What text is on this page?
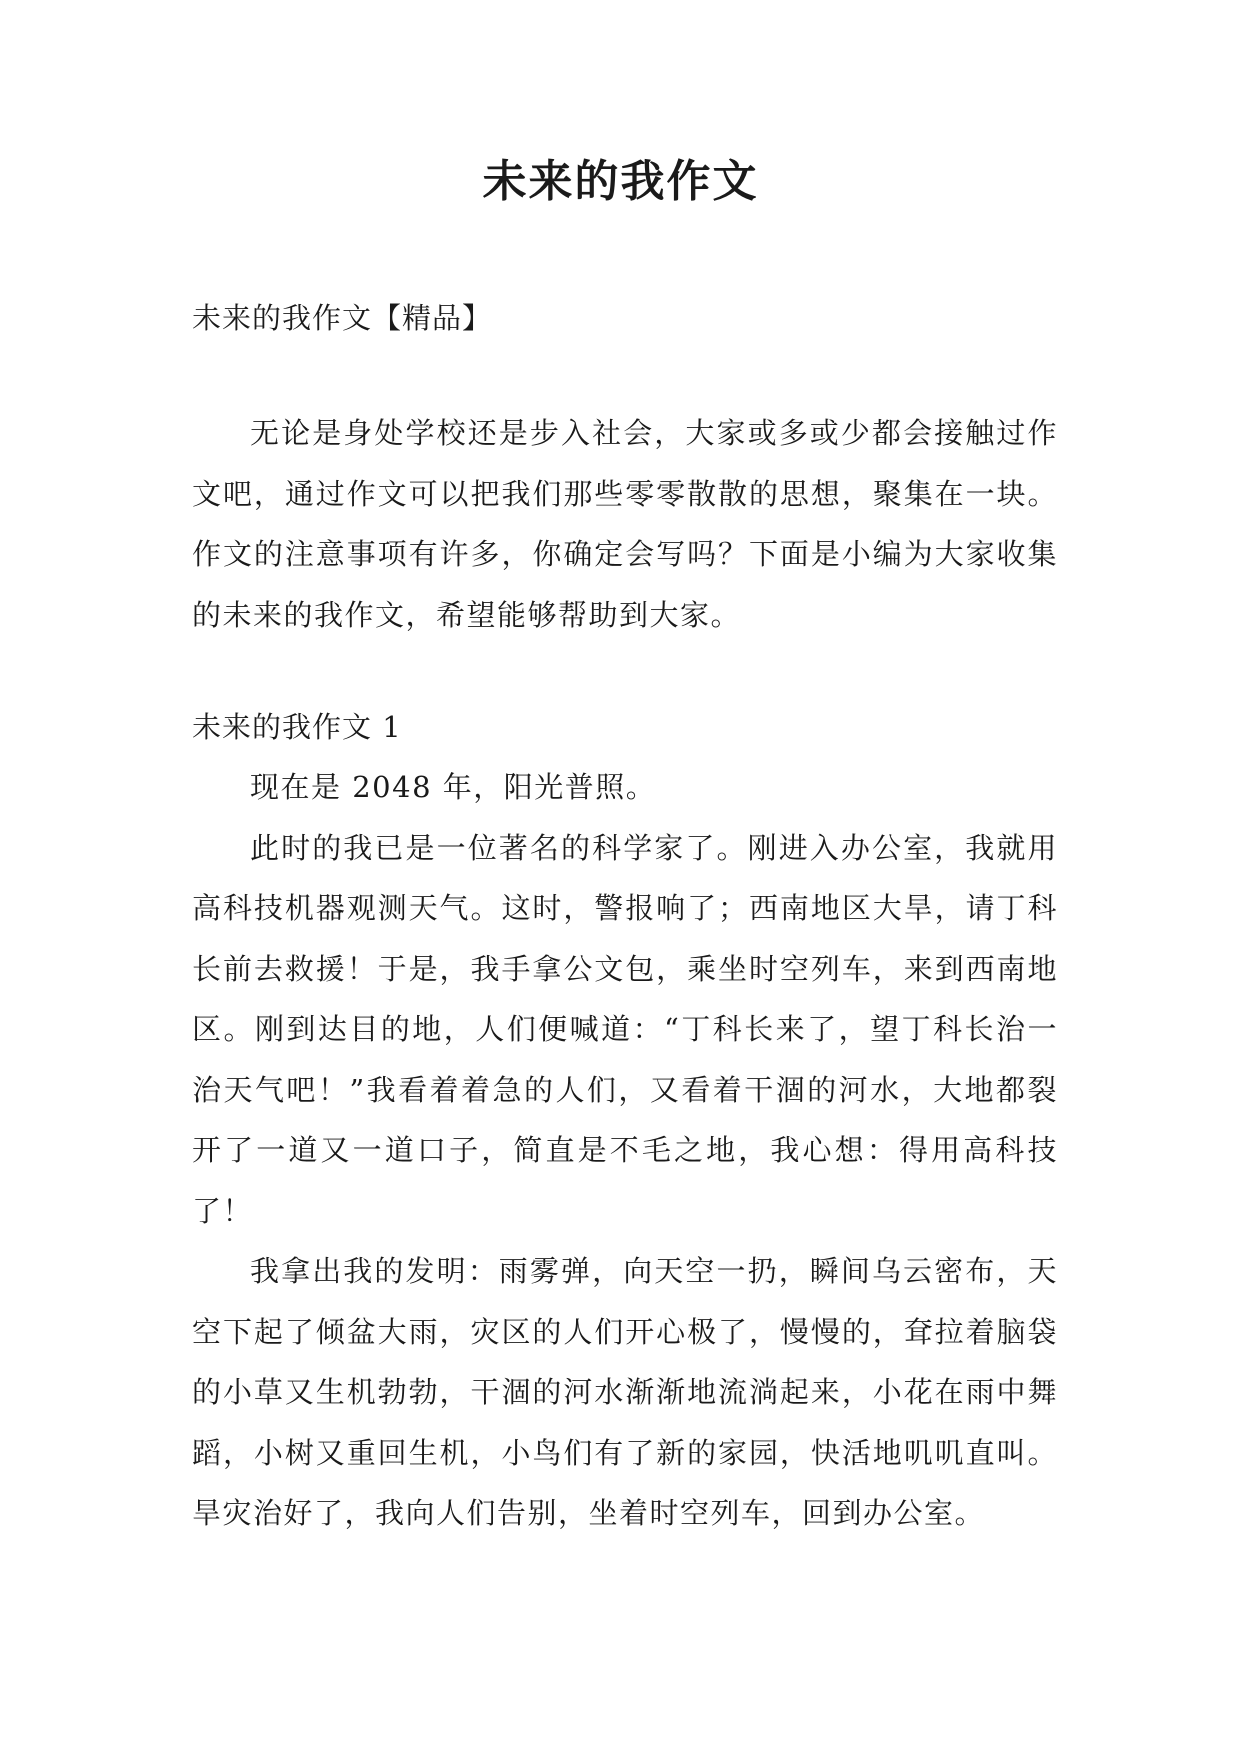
未来的我作文

未来的我作文【精品】

无论是身处学校还是步入社会，大家或多或少都会接触过作文吧，通过作文可以把我们那些零零散散的思想，聚集在一块。作文的注意事项有许多，你确定会写吗？下面是小编为大家收集的未来的我作文，希望能够帮助到大家。

未来的我作文 1

现在是 2048 年，阳光普照。

此时的我已是一位著名的科学家了。刚进入办公室，我就用高科技机器观测天气。这时，警报响了；西南地区大旱，请丁科长前去救援！于是，我手拿公文包，乘坐时空列车，来到西南地区。刚到达目的地，人们便喊道：“丁科长来了，望丁科长治一治天气吧！”我看着着急的人们，又看着干涸的河水，大地都裂开了一道又一道口子，简直是不毛之地，我心想：得用高科技了！

我拿出我的发明：雨雾弹，向天空一扔，瞬间乌云密布，天空下起了倾盆大雨，灾区的人们开心极了，慢慢的，耷拉着脑袋的小草又生机勃勃，干涸的河水渐渐地流淌起来，小花在雨中舞蹈，小树又重回生机，小鸟们有了新的家园，快活地叽叽直叫。旱灾治好了，我向人们告别，坐着时空列车，回到办公室。
